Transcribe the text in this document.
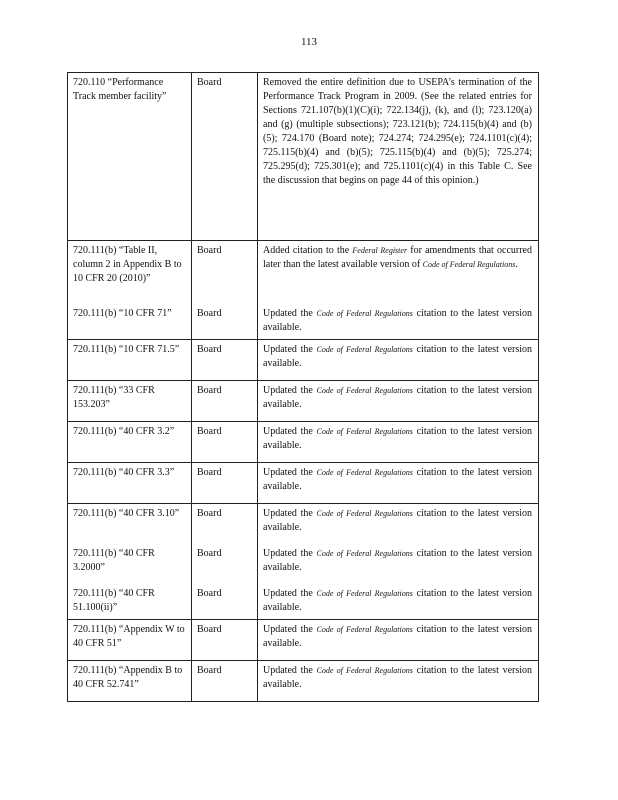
113
720.110 “Performance Track member facility”	Board	Removed the entire definition due to USEPA’s termination of the Performance Track Program in 2009. (See the related entries for Sections 721.107(b)(1)(C)(i); 722.134(j), (k), and (l); 723.120(a) and (g) (multiple subsections); 723.121(b); 724.115(b)(4) and (b)(5); 724.170 (Board note); 724.274; 724.295(e); 724.1101(c)(4); 725.115(b)(4) and (b)(5); 725.115(b)(4) and (b)(5); 725.274; 725.295(d); 725.301(e); and 725.1101(c)(4) in this Table C. See the discussion that begins on page 44 of this opinion.)
720.111(b) “Table II, column 2 in Appendix B to 10 CFR 20 (2010)”	Board	Added citation to the Federal Register for amendments that occurred later than the latest available version of Code of Federal Regulations.
720.111(b) “10 CFR 71”	Board	Updated the Code of Federal Regulations citation to the latest version available.
720.111(b) “10 CFR 71.5”	Board	Updated the Code of Federal Regulations citation to the latest version available.
720.111(b) “33 CFR 153.203”	Board	Updated the Code of Federal Regulations citation to the latest version available.
720.111(b) “40 CFR 3.2”	Board	Updated the Code of Federal Regulations citation to the latest version available.
720.111(b) “40 CFR 3.3”	Board	Updated the Code of Federal Regulations citation to the latest version available.
720.111(b) “40 CFR 3.10”	Board	Updated the Code of Federal Regulations citation to the latest version available.
720.111(b) “40 CFR 3.2000”	Board	Updated the Code of Federal Regulations citation to the latest version available.
720.111(b) “40 CFR 51.100(ii)”	Board	Updated the Code of Federal Regulations citation to the latest version available.
720.111(b) “Appendix W to 40 CFR 51”	Board	Updated the Code of Federal Regulations citation to the latest version available.
720.111(b) “Appendix B to 40 CFR 52.741”	Board	Updated the Code of Federal Regulations citation to the latest version available.
